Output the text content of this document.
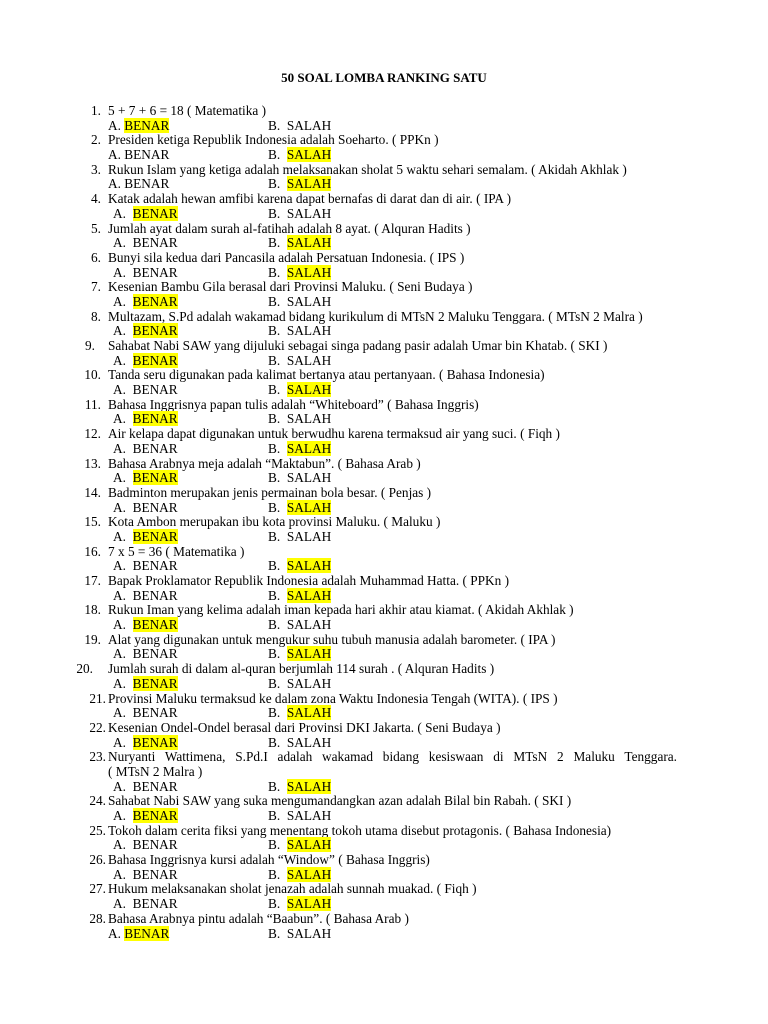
50 SOAL LOMBA RANKING SATU
1. 5 + 7 + 6 = 18 ( Matematika )
A. BENAR	B.  SALAH
2. Presiden ketiga Republik Indonesia adalah Soeharto. ( PPKn )
A. BENAR	B.  SALAH
3. Rukun Islam yang ketiga adalah melaksanakan sholat 5 waktu sehari semalam. ( Akidah Akhlak )
A. BENAR	B.  SALAH
4. Katak adalah hewan amfibi karena dapat bernafas di darat dan di air. ( IPA )
A.  BENAR	B.  SALAH
5. Jumlah ayat dalam surah al-fatihah adalah 8 ayat. ( Alquran Hadits )
A.  BENAR	B.  SALAH
6. Bunyi sila kedua dari Pancasila adalah Persatuan Indonesia. ( IPS )
A.  BENAR	B.  SALAH
7. Kesenian Bambu Gila berasal dari Provinsi Maluku. ( Seni Budaya )
A.  BENAR	B.  SALAH
8. Multazam, S.Pd adalah wakamad bidang kurikulum di MTsN 2 Maluku Tenggara. ( MTsN 2 Malra )
A.  BENAR	B.  SALAH
9. Sahabat Nabi SAW yang dijuluki sebagai singa padang pasir adalah Umar bin Khatab. ( SKI )
A.  BENAR	B.  SALAH
10. Tanda seru digunakan pada kalimat bertanya atau pertanyaan. ( Bahasa Indonesia)
A.  BENAR	B.  SALAH
11. Bahasa Inggrisnya papan tulis adalah “Whiteboard” ( Bahasa Inggris)
A.  BENAR	B.  SALAH
12. Air kelapa dapat digunakan untuk berwudhu karena termaksud air yang suci. ( Fiqh )
A.  BENAR	B.  SALAH
13. Bahasa Arabnya meja adalah “Maktabun”. ( Bahasa Arab )
A.  BENAR	B.  SALAH
14. Badminton merupakan jenis permainan bola besar. ( Penjas )
A.  BENAR	B.  SALAH
15. Kota Ambon merupakan ibu kota provinsi Maluku. ( Maluku )
A.  BENAR	B.  SALAH
16. 7 x 5 = 36 ( Matematika )
A.  BENAR	B.  SALAH
17. Bapak Proklamator Republik Indonesia adalah Muhammad Hatta. ( PPKn )
A.  BENAR	B.  SALAH
18. Rukun Iman yang kelima adalah iman kepada hari akhir atau kiamat. ( Akidah Akhlak )
A.  BENAR	B.  SALAH
19. Alat yang digunakan untuk mengukur suhu tubuh manusia adalah barometer. ( IPA )
A.  BENAR	B.  SALAH
20. Jumlah surah di dalam al-quran berjumlah 114 surah . ( Alquran Hadits )
A.  BENAR	B.  SALAH
21. Provinsi Maluku termaksud ke dalam zona Waktu Indonesia Tengah (WITA). ( IPS )
A.  BENAR	B.  SALAH
22. Kesenian Ondel-Ondel berasal dari Provinsi DKI Jakarta. ( Seni Budaya )
A.  BENAR	B.  SALAH
23. Nuryanti Wattimena, S.Pd.I adalah wakamad bidang kesiswaan di MTsN 2 Maluku Tenggara.
( MTsN 2 Malra )
A.  BENAR	B.  SALAH
24. Sahabat Nabi SAW yang suka mengumandangkan azan adalah Bilal bin Rabah. ( SKI )
A.  BENAR	B.  SALAH
25. Tokoh dalam cerita fiksi yang menentang tokoh utama disebut protagonis. ( Bahasa Indonesia)
A.  BENAR	B.  SALAH
26. Bahasa Inggrisnya kursi adalah “Window” ( Bahasa Inggris)
A.  BENAR	B.  SALAH
27. Hukum melaksanakan sholat jenazah adalah sunnah muakad. ( Fiqh )
A.  BENAR	B.  SALAH
28. Bahasa Arabnya pintu adalah “Baabun”. ( Bahasa Arab )
A. BENAR	B.  SALAH
